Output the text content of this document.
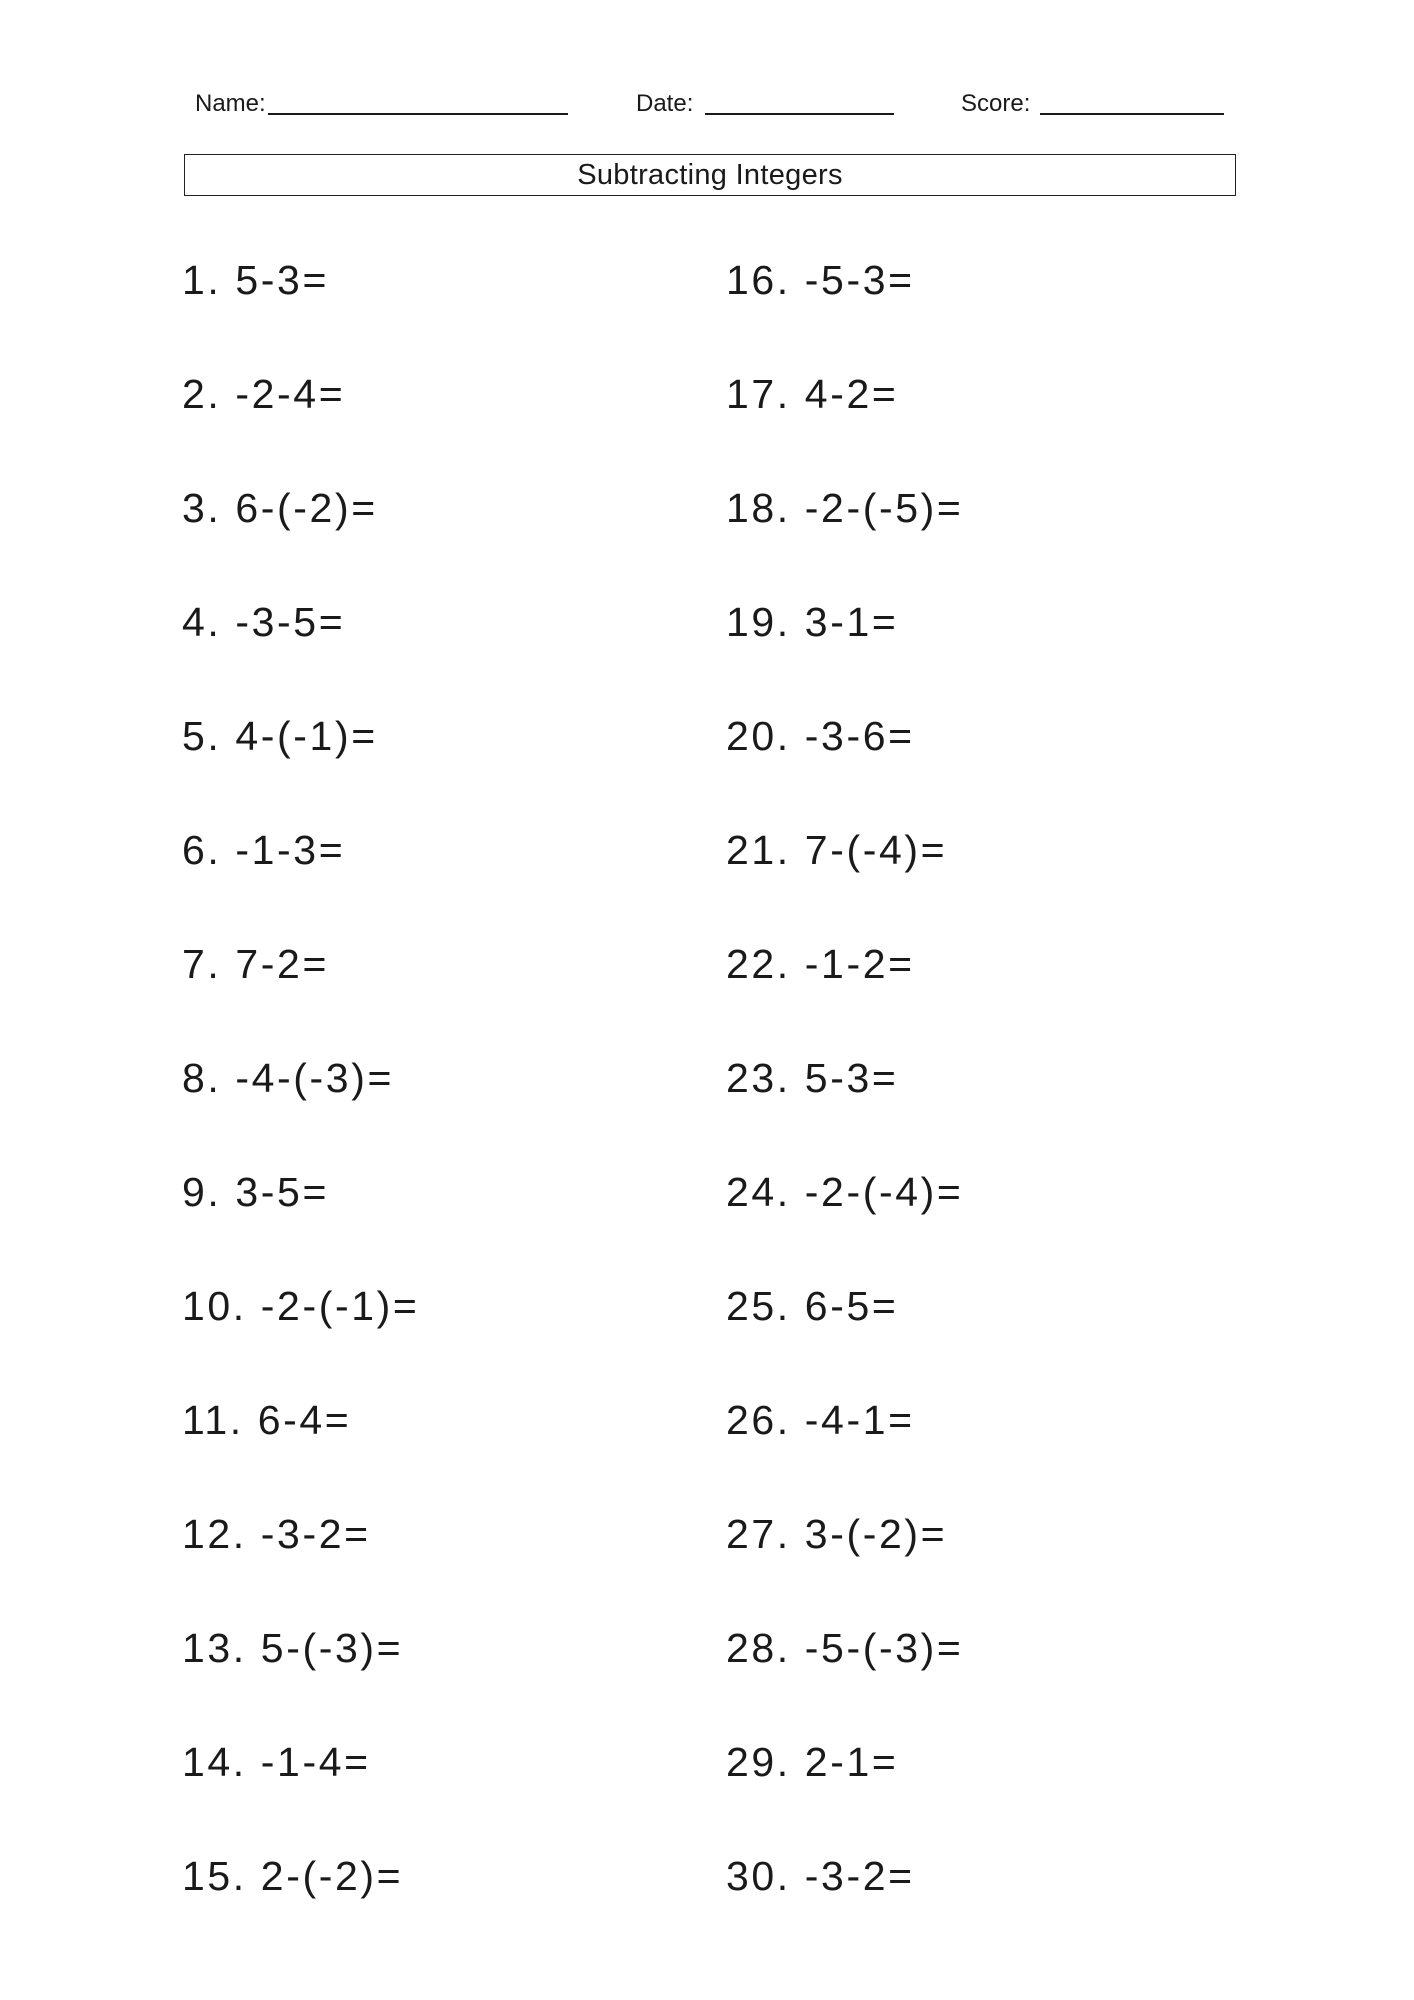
Name:	Date:	Score:
Subtracting Integers
1. 5-3=
2. -2-4=
3. 6-(-2)=
4. -3-5=
5. 4-(-1)=
6. -1-3=
7. 7-2=
8. -4-(-3)=
9. 3-5=
10. -2-(-1)=
11. 6-4=
12. -3-2=
13. 5-(-3)=
14. -1-4=
15. 2-(-2)=
16. -5-3=
17. 4-2=
18. -2-(-5)=
19. 3-1=
20. -3-6=
21. 7-(-4)=
22. -1-2=
23. 5-3=
24. -2-(-4)=
25. 6-5=
26. -4-1=
27. 3-(-2)=
28. -5-(-3)=
29. 2-1=
30. -3-2=
